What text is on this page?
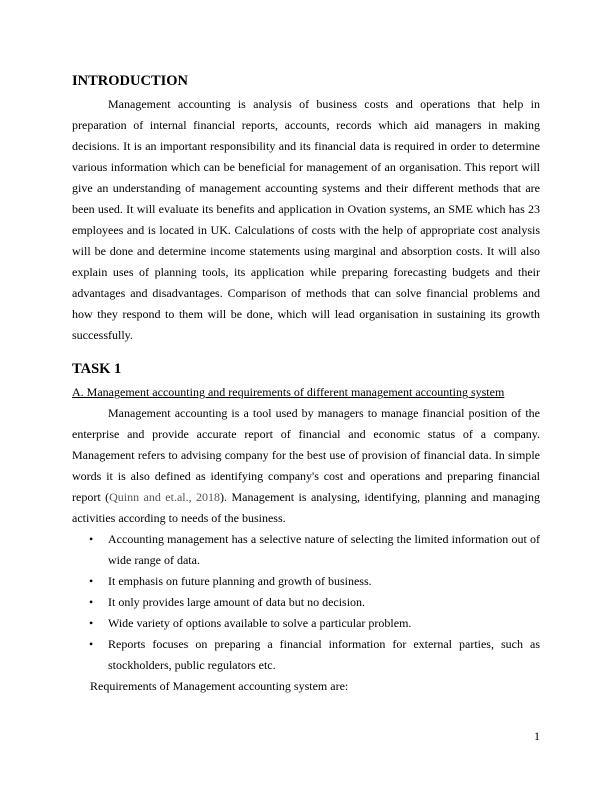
INTRODUCTION

Management accounting is analysis of business costs and operations that help in preparation of internal financial reports, accounts, records which aid managers in making decisions. It is an important responsibility and its financial data is required in order to determine various information which can be beneficial for management of an organisation. This report will give an understanding of management accounting systems and their different methods that are been used. It will evaluate its benefits and application in Ovation systems, an SME which has 23 employees and is located in UK. Calculations of costs with the help of appropriate cost analysis will be done and determine income statements using marginal and absorption costs. It will also explain uses of planning tools, its application while preparing forecasting budgets and their advantages and disadvantages. Comparison of methods that can solve financial problems and how they respond to them will be done, which will lead organisation in sustaining its growth successfully.

TASK 1

A. Management accounting and requirements of different management accounting system

Management accounting is a tool used by managers to manage financial position of the enterprise and provide accurate report of financial and economic status of a company. Management refers to advising company for the best use of provision of financial data. In simple words it is also defined as identifying company's cost and operations and preparing financial report (Quinn and et.al., 2018). Management is analysing, identifying, planning and managing activities according to needs of the business.

• Accounting management has a selective nature of selecting the limited information out of wide range of data.
• It emphasis on future planning and growth of business.
• It only provides large amount of data but no decision.
• Wide variety of options available to solve a particular problem.
• Reports focuses on preparing a financial information for external parties, such as stockholders, public regulators etc.

Requirements of Management accounting system are:

1
